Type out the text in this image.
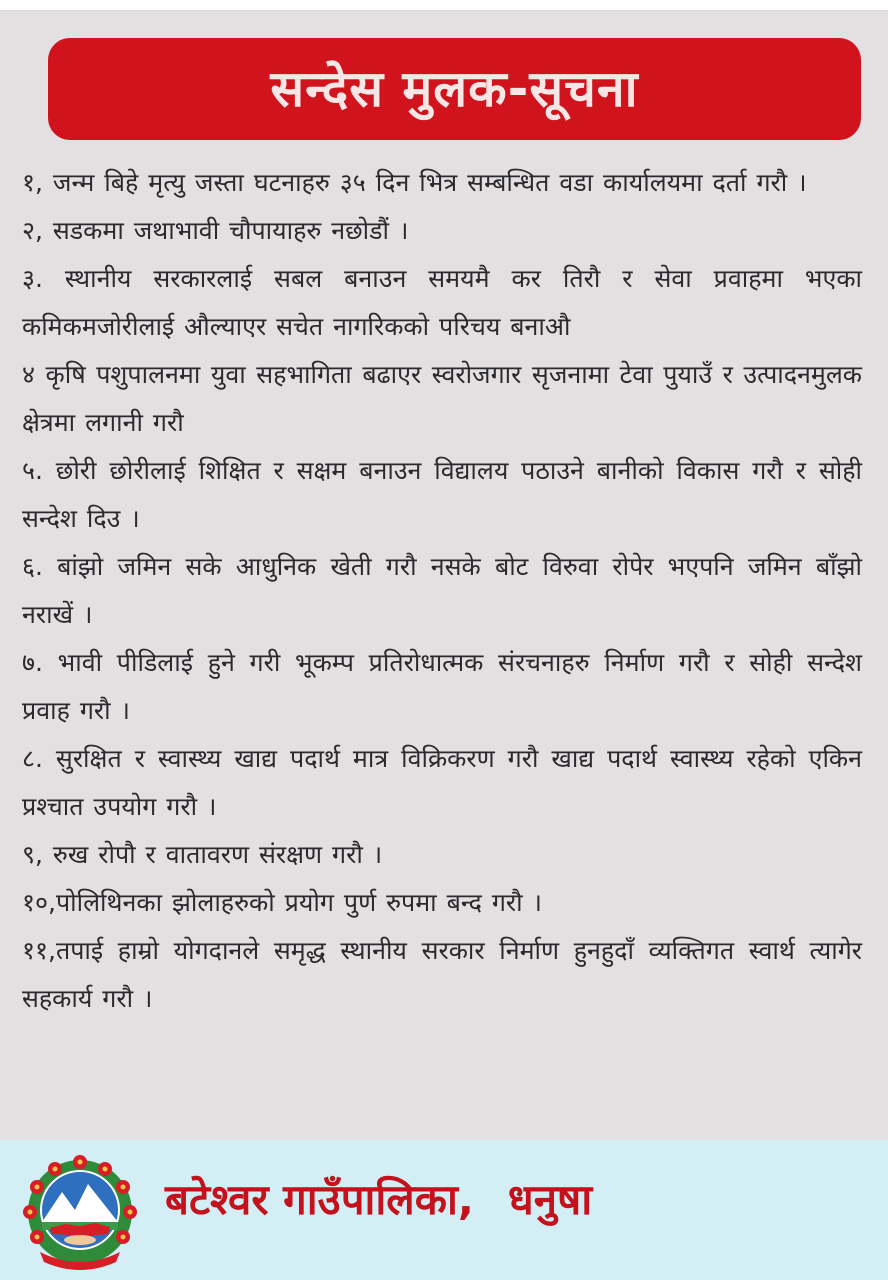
सन्देस मुलक-सूचना

१, जन्म बिहे मृत्यु जस्ता घटनाहरु ३५ दिन भित्र सम्बन्धित वडा कार्यालयमा दर्ता गरौ ।

२, सडकमा जथाभावी चौपायाहरु नछोडौं ।

३. स्थानीय सरकारलाई सबल बनाउन समयमै कर तिरौ र सेवा प्रवाहमा भएका कमिकमजोरीलाई औल्याएर सचेत नागरिकको परिचय बनाऔ

४ कृषि पशुपालनमा युवा सहभागिता बढाएर स्वरोजगार सृजनामा टेवा पुयाउँ र उत्पादनमुलक क्षेत्रमा लगानी गरौ

५. छोरी छोरीलाई शिक्षित र सक्षम बनाउन विद्यालय पठाउने बानीको विकास गरौ र सोही सन्देश दिउ ।

६. बांझो जमिन सके आधुनिक खेती गरौ नसके बोट विरुवा रोपेर भएपनि जमिन बाँझो नराखें ।

७. भावी पीडिलाई हुने गरी भूकम्प प्रतिरोधात्मक संरचनाहरु निर्माण गरौ र सोही सन्देश प्रवाह गरौ ।

८. सुरक्षित र स्वास्थ्य खाद्य पदार्थ मात्र विक्रिकरण गरौ खाद्य पदार्थ स्वास्थ्य रहेको एकिन प्रश्चात उपयोग गरौ ।

९, रुख रोपौ र वातावरण संरक्षण गरौ ।

१०,पोलिथिनका झोलाहरुको प्रयोग पुर्ण रुपमा बन्द गरौ ।

११,तपाई हाम्रो योगदानले समृद्ध स्थानीय सरकार निर्माण हुनहुदाँ व्यक्तिगत स्वार्थ त्यागेर सहकार्य गरौ ।

बटेश्वर गाउँपालिका, धनुषा
